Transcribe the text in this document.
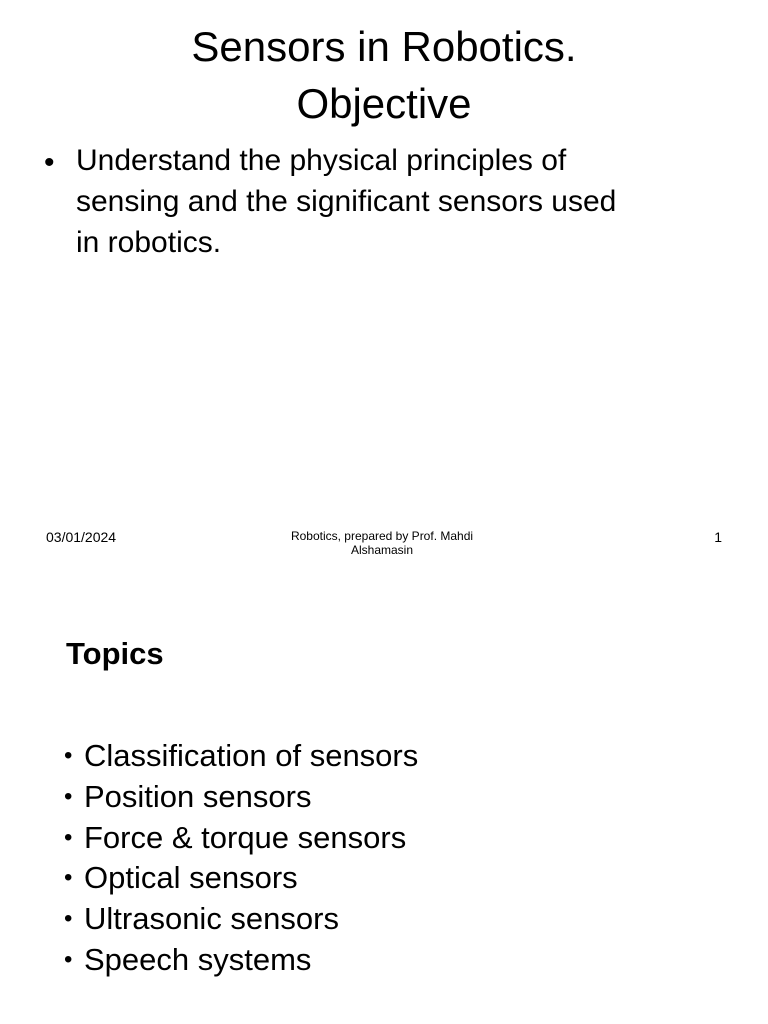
Sensors in Robotics.
Objective
• Understand the physical principles of
sensing and the significant sensors used
in robotics.
03/01/2024	Robotics, prepared by Prof. Mahdi
Alshamasin
1
Topics
• Classification of sensors
• Position sensors
• Force & torque sensors
• Optical sensors
• Ultrasonic sensors
• Speech systems
